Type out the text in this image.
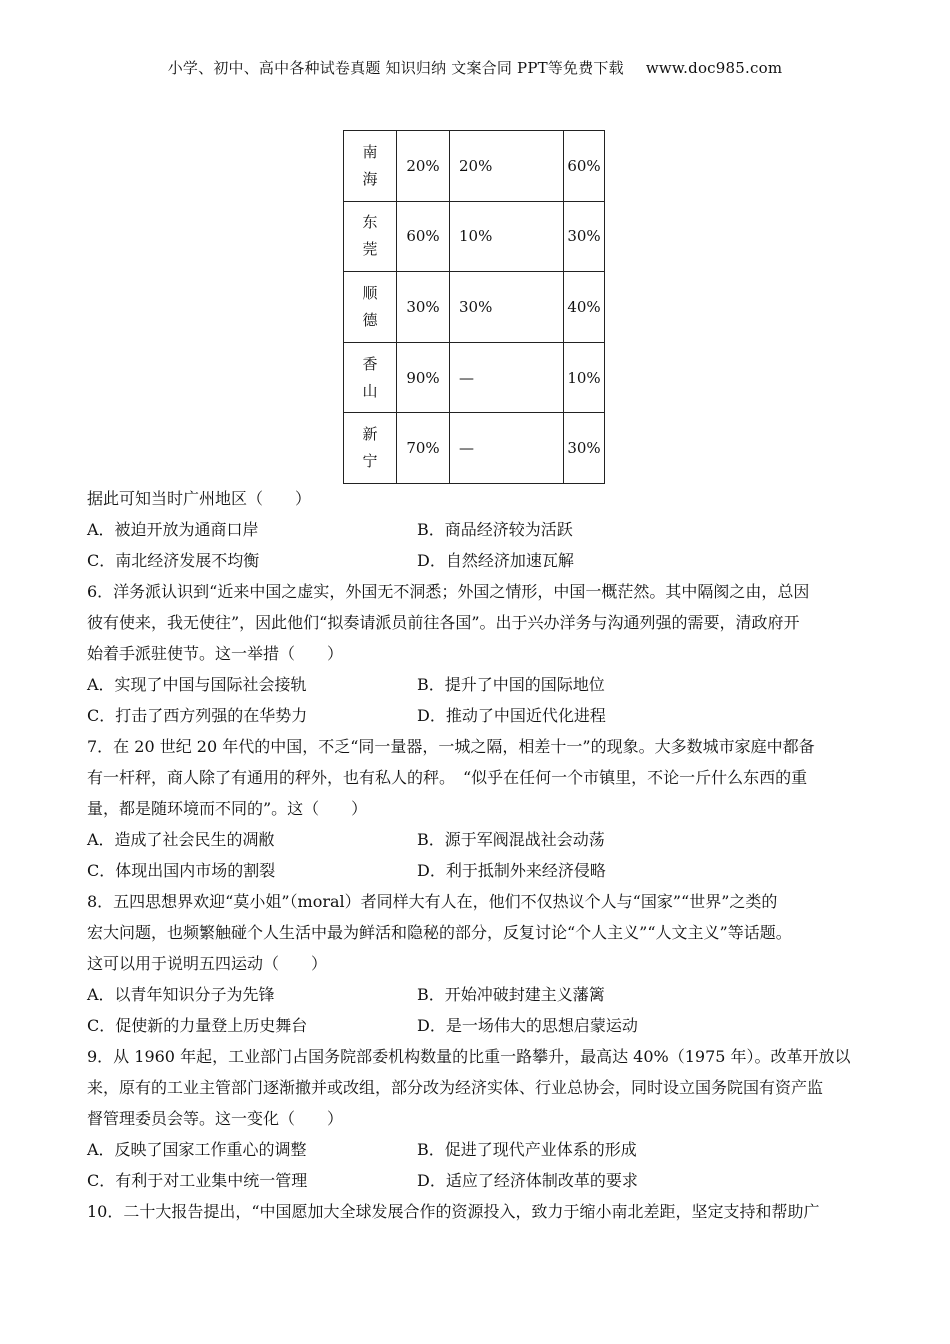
小学、初中、高中各种试卷真题 知识归纳 文案合同 PPT等免费下载 www.doc985.com
南
海	20%	20%	60%

东
莞	60%	10%	30%

顺
德	30%	30%	40%

香
山	90%	—	10%

新
宁	70%	—	30%

据此可知当时广州地区（　　）

A．被迫开放为通商口岸	B．商品经济较为活跃
C．南北经济发展不均衡	D．自然经济加速瓦解

6．洋务派认识到“近来中国之虚实，外国无不洞悉；外国之情形，中国一概茫然。其中隔阂之由，总因

彼有使来，我无使往”，因此他们“拟奏请派员前往各国”。出于兴办洋务与沟通列强的需要，清政府开

始着手派驻使节。这一举措（　　）

A．实现了中国与国际社会接轨	B．提升了中国的国际地位
C．打击了西方列强的在华势力	D．推动了中国近代化进程

7．在 20 世纪 20 年代的中国，不乏“同一量器，一城之隔，相差十一”的现象。大多数城市家庭中都备

有一杆秤，商人除了有通用的秤外，也有私人的秤。　“似乎在任何一个市镇里，不论一斤什么东西的重

量，都是随环境而不同的”。这（　　）

A．造成了社会民生的凋敝	B．源于军阀混战社会动荡
C．体现出国内市场的割裂	D．利于抵制外来经济侵略

8．五四思想界欢迎“莫小姐”（moral）者同样大有人在，他们不仅热议个人与“国家”“世界”之类的

宏大问题，也频繁触碰个人生活中最为鲜活和隐秘的部分，反复讨论“个人主义”“人文主义”等话题。

这可以用于说明五四运动（　　）

A．以青年知识分子为先锋	B．开始冲破封建主义藩篱
C．促使新的力量登上历史舞台	D．是一场伟大的思想启蒙运动

9．从 1960 年起，工业部门占国务院部委机构数量的比重一路攀升，最高达 40%（1975 年）。改革开放以

来，原有的工业主管部门逐渐撤并或改组，部分改为经济实体、行业总协会，同时设立国务院国有资产监

督管理委员会等。这一变化（　　）

A．反映了国家工作重心的调整	B．促进了现代产业体系的形成
C．有利于对工业集中统一管理	D．适应了经济体制改革的要求

10．二十大报告提出，“中国愿加大全球发展合作的资源投入，致力于缩小南北差距，坚定支持和帮助广
